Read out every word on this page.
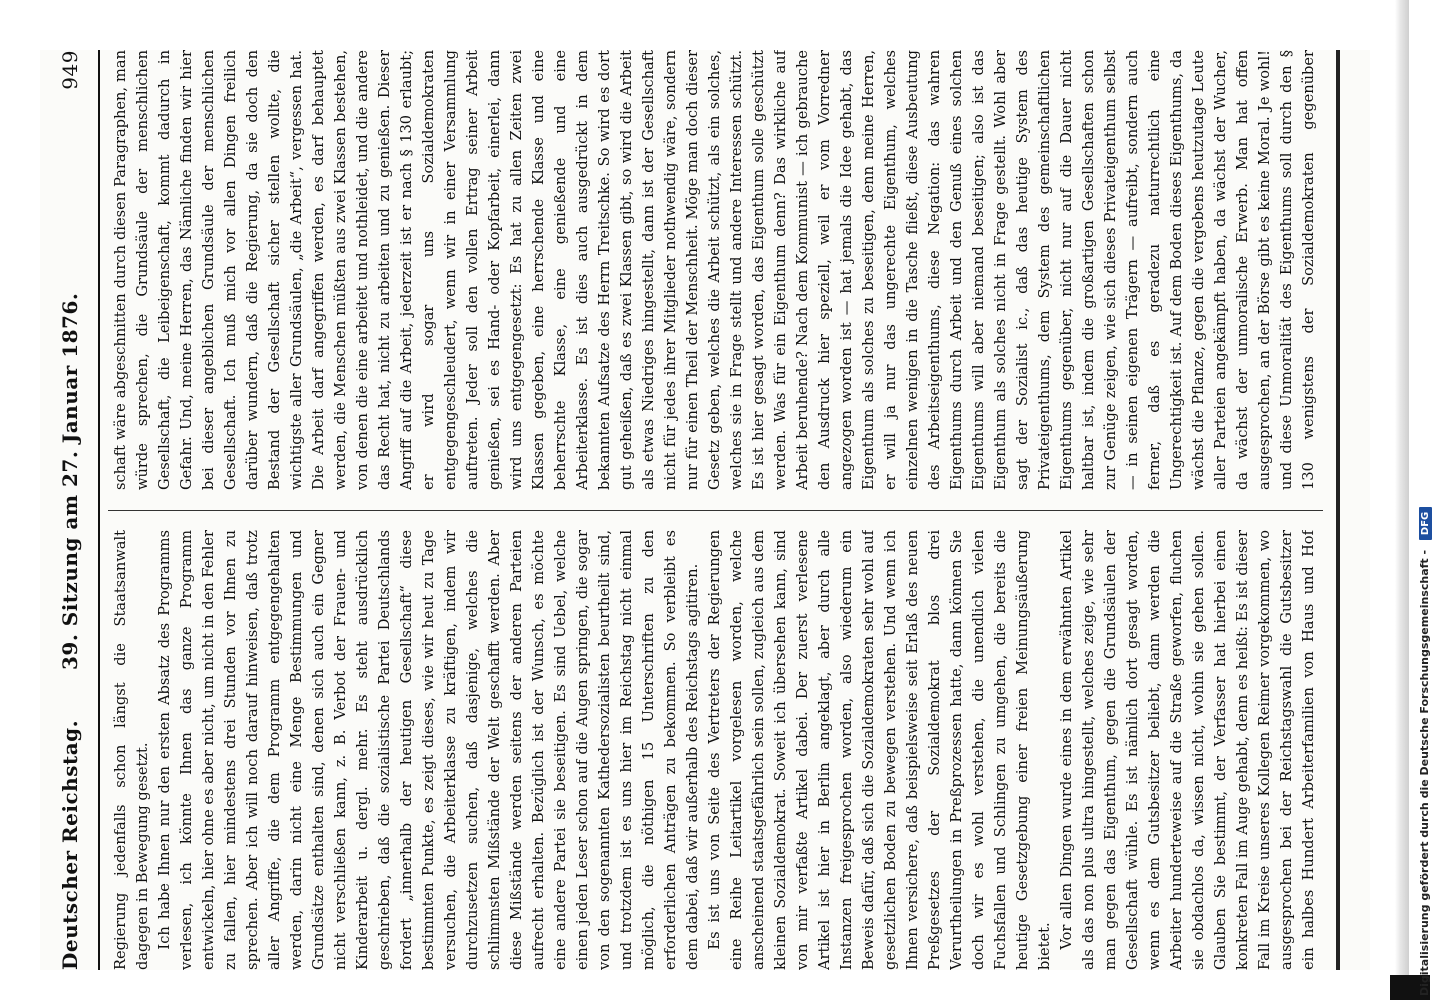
Deutscher Reichstag.
39. Sitzung am 27. Januar 1876.
949

Regierung jedenfalls schon längst die Staatsanwalt dagegen in Bewegung gesetzt. Ich habe Ihnen nur den ersten Absatz des Programms verlesen, ich könnte Ihnen das ganze Programm entwickeln, hier ohne es aber nicht, um nicht in den Fehler zu fallen, hier mindestens drei Stunden vor Ihnen zu sprechen. Aber ich will noch darauf hinweisen, daß trotz aller Angriffe, die dem Programm entgegengehalten werden, darin nicht eine Menge Bestimmungen und Grundsätze enthalten sind, denen sich auch ein Gegner nicht verschließen kann, z. B. Verbot der Frauen- und Kinderarbeit u. dergl. mehr. Es steht ausdrücklich geschrieben, daß die sozialistische Partei Deutschlands fordert „innerhalb der heutigen Gesellschaft“ diese bestimmten Punkte, es zeigt dieses, wie wir heut zu Tage versuchen, die Arbeiterklasse zu kräftigen, indem wir durchzusetzen suchen, daß dasjenige, welches die schlimmsten Mißstände der Welt geschafft werden. Aber diese Mißstände werden seitens der anderen Parteien aufrecht erhalten. Bezüglich ist der Wunsch, es möchte eine andere Partei sie beseitigen. Es sind Uebel, welche einen jeden Leser schon auf die Augen springen, die sogar von den sogenannten Kathedersozialisten beurtheilt sind, und trotzdem ist es uns hier im Reichstag nicht einmal möglich, die nöthigen 15 Unterschriften zu den erforderlichen Anträgen zu bekommen. So verbleibt es dem dabei, daß wir außerhalb des Reichstags agitiren. Es ist uns von Seite des Vertreters der Regierungen eine Reihe Leitartikel vorgelesen worden, welche anscheinend staatsgefährlich sein sollen, zugleich aus dem kleinen Sozialdemokrat. Soweit ich übersehen kann, sind von mir verfaßte Artikel dabei. Der zuerst verlesene Artikel ist hier in Berlin angeklagt, aber durch alle Instanzen freigesprochen worden, also wiederum ein Beweis dafür, daß sich die Sozialdemokraten sehr wohl auf gesetzlichen Boden zu bewegen verstehen. Und wenn ich Ihnen versichere, daß beispielsweise seit Erlaß des neuen Preßgesetzes der Sozialdemokrat blos drei Verurtheilungen in Preßprozessen hatte, dann können Sie doch wir es wohl verstehen, die unendlich vielen Fuchsfallen und Schlingen zu umgehen, die bereits die heutige Gesetzgebung einer freien Meinungsäußerung bietet. Vor allen Dingen wurde eines in dem erwähnten Artikel als das non plus ultra hingestellt, welches zeige, wie sehr man gegen das Eigenthum, gegen die Grundsäulen der Gesellschaft wühle. Es ist nämlich dort gesagt worden, wenn es dem Gutsbesitzer beliebt, dann werden die Arbeiter hunderteweise auf die Straße geworfen, fluchen sie obdachlos da, wissen nicht, wohin sie gehen sollen. Glauben Sie bestimmt, der Verfasser hat hierbei einen konkreten Fall im Auge gehabt, denn es heißt: Es ist dieser Fall im Kreise unseres Kollegen Reimer vorgekommen, wo ausgesprochen bei der Reichstagswahl die Gutsbesitzer ein halbes Hundert Arbeiterfamilien von Haus und Hof

schaft wäre abgeschnitten durch diesen Paragraphen, man würde sprechen, die Grundsäule der menschlichen Gesellschaft, die Leibeigenschaft, kommt dadurch in Gefahr. Und, meine Herren, das Nämliche finden wir hier bei dieser angeblichen Grundsäule der menschlichen Gesellschaft. Ich muß mich vor allen Dingen freilich darüber wundern, daß die Regierung, da sie doch den Bestand der Gesellschaft sicher stellen wollte, die wichtigste aller Grundsäulen, „die Arbeit“, vergessen hat. Die Arbeit darf angegriffen werden, es darf behauptet werden, die Menschen müßten aus zwei Klassen bestehen, von denen die eine arbeitet und nothleidet, und die andere das Recht hat, nicht zu arbeiten und zu genießen. Dieser Angriff auf die Arbeit, jederzeit ist er nach § 130 erlaubt; er wird sogar uns Sozialdemokraten entgegengeschleudert, wenn wir in einer Versammlung auftreten. Jeder soll den vollen Ertrag seiner Arbeit genießen, sei es Hand- oder Kopfarbeit, einerlei, dann wird uns entgegengesetzt: Es hat zu allen Zeiten zwei Klassen gegeben, eine herrschende Klasse und eine beherrschte Klasse, eine genießende und eine Arbeiterklasse. Es ist dies auch ausgedrückt in dem bekannten Aufsatze des Herrn Treitschke. So wird es dort gut geheißen, daß es zwei Klassen gibt, so wird die Arbeit als etwas Niedriges hingestellt, dann ist der Gesellschaft nicht für jedes ihrer Mitglieder nothwendig wäre, sondern nur für einen Theil der Menschheit. Möge man doch dieser Gesetz geben, welches die Arbeit schützt, als ein solches, welches sie in Frage stellt und andere Interessen schützt. Es ist hier gesagt worden, das Eigenthum solle geschützt werden. Was für ein Eigenthum denn? Das wirkliche auf Arbeit beruhende? Nach dem Kommunist — ich gebrauche den Ausdruck hier speziell, weil er vom Vorredner angezogen worden ist — hat jemals die Idee gehabt, das Eigenthum als solches zu beseitigen, denn meine Herren, er will ja nur das ungerechte Eigenthum, welches einzelnen wenigen in die Tasche fließt, diese Ausbeutung des Arbeitseigenthums, diese Negation: das wahren Eigenthums durch Arbeit und den Genuß eines solchen Eigenthums will aber niemand beseitigen; also ist das Eigenthum als solches nicht in Frage gestellt. Wohl aber sagt der Sozialist ic., daß das heutige System des Privateigenthums, dem System des gemeinschaftlichen Eigenthums gegenüber, nicht nur auf die Dauer nicht haltbar ist, indem die großartigen Gesellschaften schon zur Genüge zeigen, wie sich dieses Privateigenthum selbst — in seinen eigenen Trägern — aufreibt, sondern auch ferner, daß es geradezu naturrechtlich eine Ungerechtigkeit ist. Auf dem Boden dieses Eigenthums, da wächst die Pflanze, gegen die vergebens heutzutage Leute aller Parteien angekämpft haben, da wächst der Wucher, da wächst der unmoralische Erwerb. Man hat offen ausgesprochen, an der Börse gibt es keine Moral. Je wohl! und diese Unmoralität des Eigenthums soll durch den § 130 wenigstens der Sozialdemokraten gegenüber

Digitalisierung gefördert durch die Deutsche Forschungsgemeinschaft - DFG
